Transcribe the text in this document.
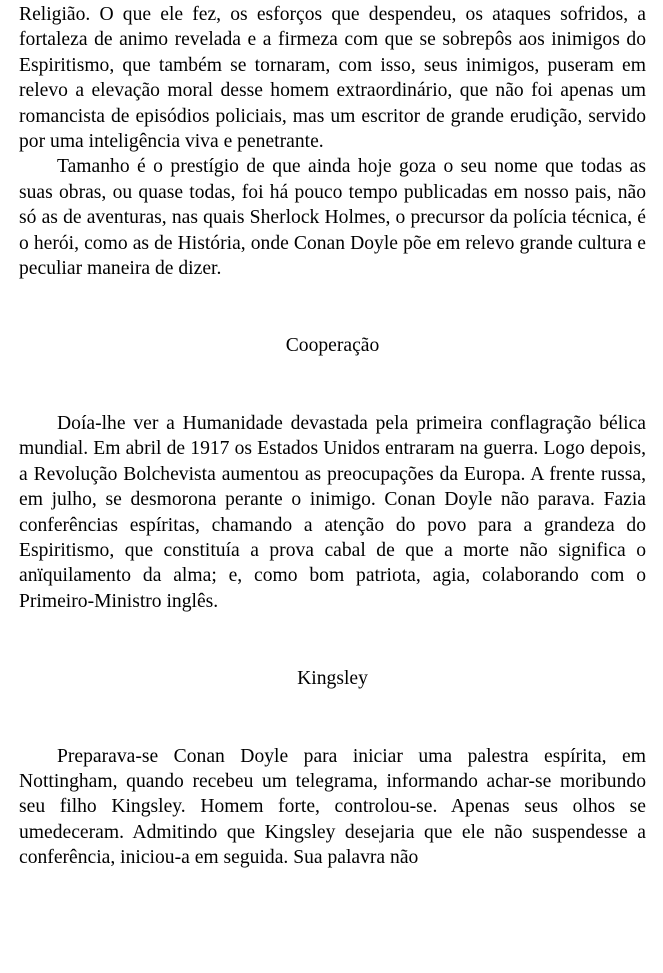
Religião. O que ele fez, os esforços que despendeu, os ataques sofridos, a fortaleza de animo revelada e a firmeza com que se sobrepôs aos inimigos do Espiritismo, que também se tornaram, com isso, seus inimigos, puseram em relevo a elevação moral desse homem extraordinário, que não foi apenas um romancista de episódios policiais, mas um escritor de grande erudição, servido por uma inteligência viva e penetrante.

Tamanho é o prestígio de que ainda hoje goza o seu nome que todas as suas obras, ou quase todas, foi há pouco tempo publicadas em nosso pais, não só as de aventuras, nas quais Sherlock Holmes, o precursor da polícia técnica, é o herói, como as de História, onde Conan Doyle põe em relevo grande cultura e peculiar maneira de dizer.

Cooperação

Doía-lhe ver a Humanidade devastada pela primeira conflagração bélica mundial. Em abril de 1917 os Estados Unidos entraram na guerra. Logo depois, a Revolução Bolchevista aumentou as preocupações da Europa. A frente russa, em julho, se desmorona perante o inimigo. Conan Doyle não parava. Fazia conferências espíritas, chamando a atenção do povo para a grandeza do Espiritismo, que constituía a prova cabal de que a morte não significa o anïquilamento da alma; e, como bom patriota, agia, colaborando com o Primeiro-Ministro inglês.

Kingsley

Preparava-se Conan Doyle para iniciar uma palestra espírita, em Nottingham, quando recebeu um telegrama, informando achar-se moribundo seu filho Kingsley. Homem forte, controlou-se. Apenas seus olhos se umedeceram. Admitindo que Kingsley desejaria que ele não suspendesse a conferência, iniciou-a em seguida. Sua palavra não
